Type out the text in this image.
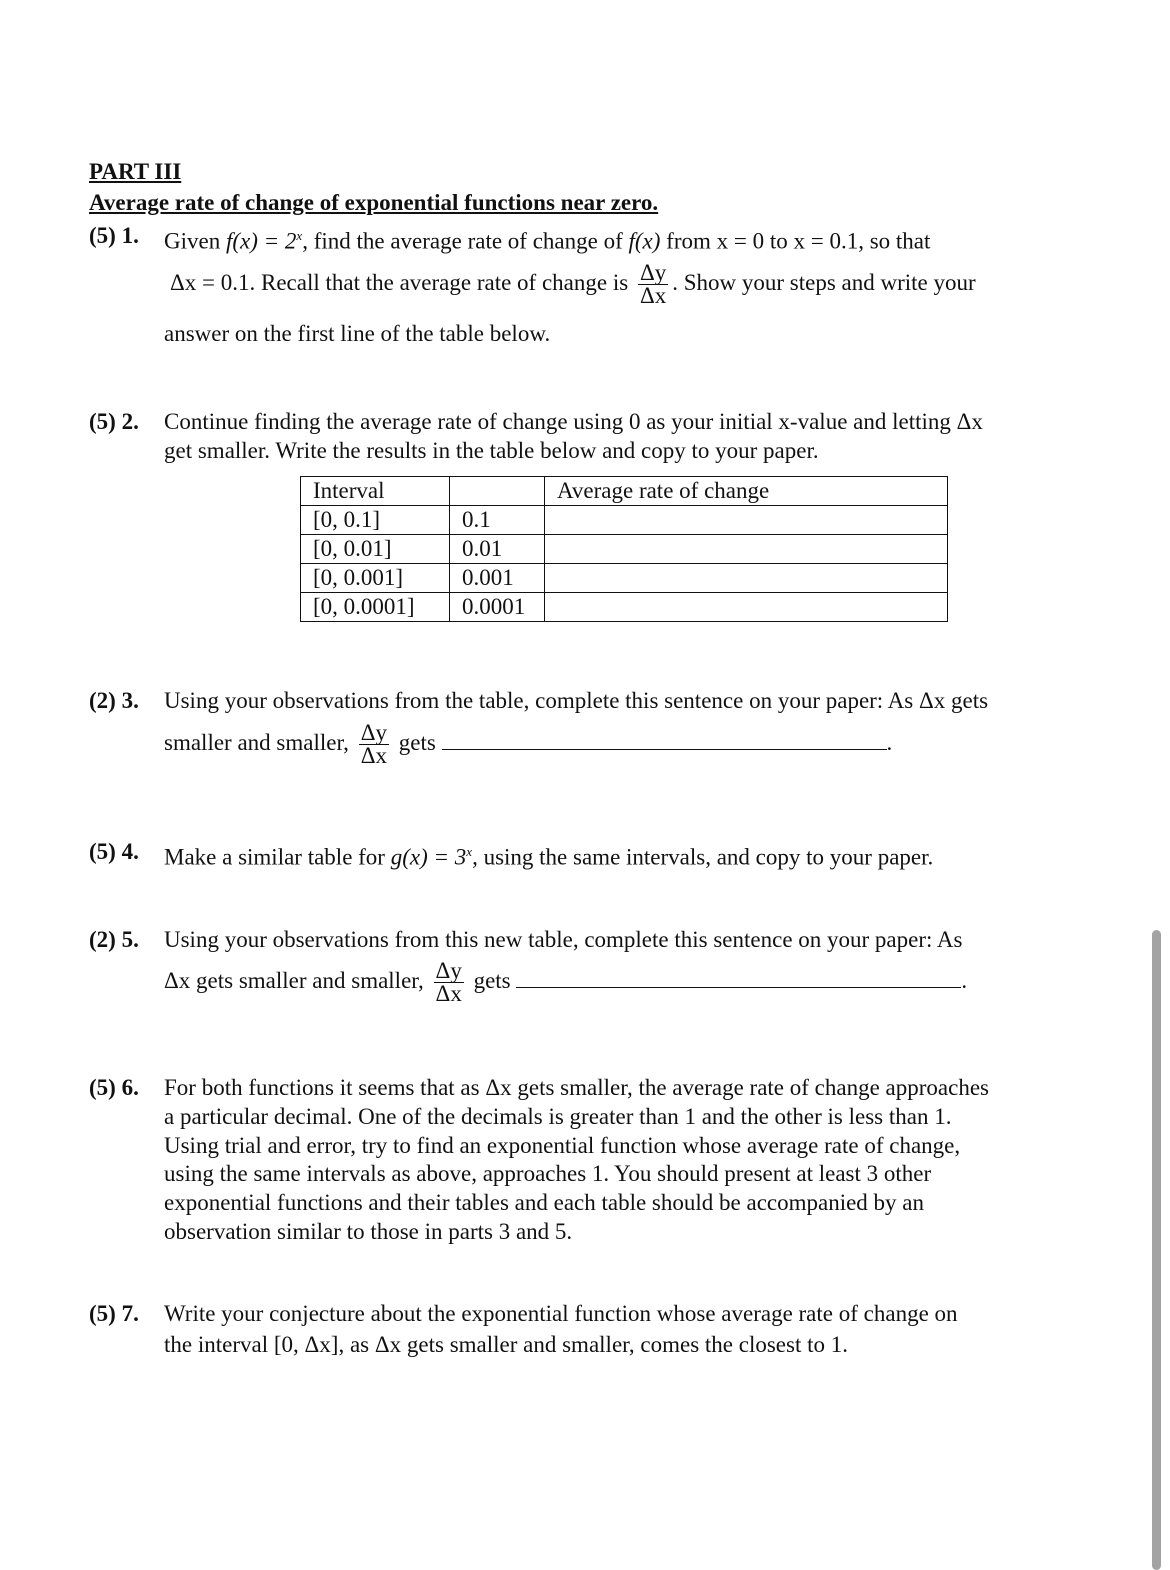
PART III
Average rate of change of exponential functions near zero.
(5) 1. Given $f(x) = 2^x$, find the average rate of change of f(x) from x = 0 to x = 0.1, so that
Δx = 0.1. Recall that the average rate of change is $\frac{\Delta y}{\Delta x}$ . Show your steps and write your
answer on the first line of the table below.
(5) 2. Continue finding the average rate of change using 0 as your initial x-value and letting Δx
get smaller. Write the results in the table below and copy to your paper.
Interval		Average rate of change
[0, 0.1]	0.1	
[0, 0.01]	0.01	
[0, 0.001]	0.001	
[0, 0.0001]	0.0001	
(2) 3. Using your observations from the table, complete this sentence on your paper: As Δx gets
smaller and smaller, $\frac{\Delta y}{\Delta x}$ gets	.
(5) 4. Make a similar table for $g(x) = 3^x$, using the same intervals, and copy to your paper.
(2) 5. Using your observations from this new table, complete this sentence on your paper: As
Δx gets smaller and smaller, $\frac{\Delta y}{\Delta x}$ gets	.
(5) 6. For both functions it seems that as Δx gets smaller, the average rate of change approaches
a particular decimal. One of the decimals is greater than 1 and the other is less than 1.
Using trial and error, try to find an exponential function whose average rate of change,
using the same intervals as above, approaches 1. You should present at least 3 other
exponential functions and their tables and each table should be accompanied by an
observation similar to those in parts 3 and 5.
(5) 7. Write your conjecture about the exponential function whose average rate of change on
the interval [0, Δx], as Δx gets smaller and smaller, comes the closest to 1.
